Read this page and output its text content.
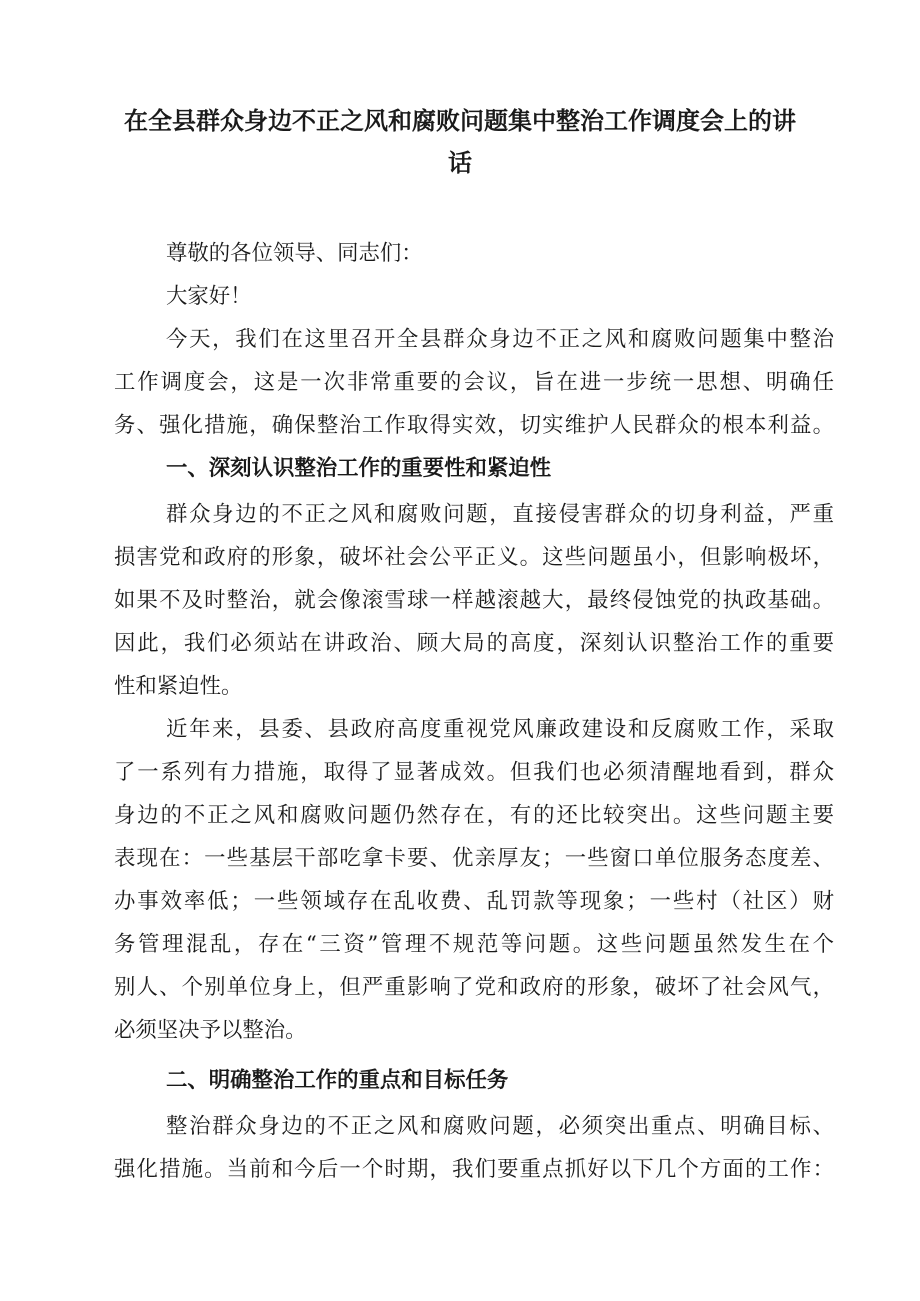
在全县群众身边不正之风和腐败问题集中整治工作调度会上的讲
话
尊敬的各位领导、同志们：
大家好！
今天，我们在这里召开全县群众身边不正之风和腐败问题集中整治
工作调度会，这是一次非常重要的会议，旨在进一步统一思想、明确任
务、强化措施，确保整治工作取得实效，切实维护人民群众的根本利益。
一、深刻认识整治工作的重要性和紧迫性
群众身边的不正之风和腐败问题，直接侵害群众的切身利益，严重
损害党和政府的形象，破坏社会公平正义。这些问题虽小，但影响极坏，
如果不及时整治，就会像滚雪球一样越滚越大，最终侵蚀党的执政基础。
因此，我们必须站在讲政治、顾大局的高度，深刻认识整治工作的重要
性和紧迫性。
近年来，县委、县政府高度重视党风廉政建设和反腐败工作，采取
了一系列有力措施，取得了显著成效。但我们也必须清醒地看到，群众
身边的不正之风和腐败问题仍然存在，有的还比较突出。这些问题主要
表现在：一些基层干部吃拿卡要、优亲厚友；一些窗口单位服务态度差、
办事效率低；一些领域存在乱收费、乱罚款等现象；一些村（社区）财
务管理混乱，存在“三资”管理不规范等问题。这些问题虽然发生在个
别人、个别单位身上，但严重影响了党和政府的形象，破坏了社会风气，
必须坚决予以整治。
二、明确整治工作的重点和目标任务
整治群众身边的不正之风和腐败问题，必须突出重点、明确目标、
强化措施。当前和今后一个时期，我们要重点抓好以下几个方面的工作：
